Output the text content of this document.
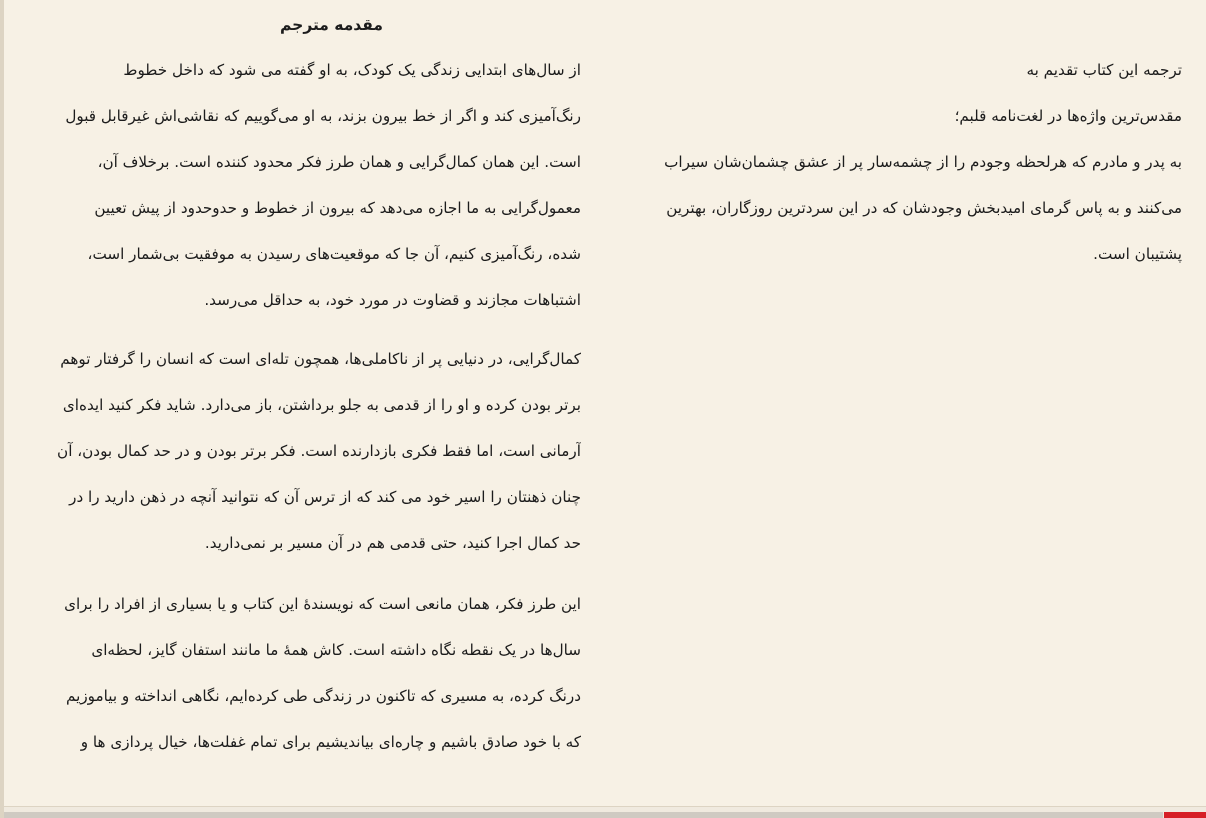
ترجمه این کتاب تقدیم به
مقدس‌ترین واژه‌ها در لغت‌نامه قلبم؛
به پدر و مادرم که هرلحظه وجودم را از چشمه‌سار پر از عشق چشمان‌شان سیراب
می‌کنند و به پاس گرمای امیدبخش وجودشان که در این سردترین روزگاران، بهترین
پشتیبان است.
مقدمه مترجم
از سال‌های ابتدایی زندگی یک کودک، به او گفته می شود که داخل خطوط
رنگ‌آمیزی کند و اگر از خط بیرون بزند، به او می‌گوییم که نقاشی‌اش غیرقابل قبول
است. این همان کمال‌گرایی و همان طرز فکر محدود کننده است. برخلاف آن،
معمول‌گرایی به ما اجازه می‌دهد که بیرون از خطوط و حدوحدود از پیش تعیین
شده، رنگ‌آمیزی کنیم، آن جا که موقعیت‌های رسیدن به موفقیت بی‌شمار است،
اشتباهات مجازند و قضاوت در مورد خود، به حداقل می‌رسد.
کمال‌گرایی، در دنیایی پر از ناکاملی‌ها، همچون تله‌ای است که انسان را گرفتار توهم
برتر بودن کرده و او را از قدمی به جلو برداشتن، باز می‌دارد. شاید فکر کنید ایده‌ای
آرمانی است، اما فقط فکری بازدارنده است. فکر برتر بودن و در حد کمال بودن، آن
چنان ذهنتان را اسیر خود می کند که از ترس آن که نتوانید آنچه در ذهن دارید را در
حد کمال اجرا کنید، حتی قدمی هم در آن مسیر بر نمی‌دارید.
این طرز فکر، همان مانعی است که نویسندهٔ این کتاب و یا بسیاری از افراد را برای
سال‌ها در یک نقطه نگاه داشته است. کاش همهٔ ما مانند استفان گایز، لحظه‌ای
درنگ کرده، به مسیری که تاکنون در زندگی طی کرده‌ایم، نگاهی انداخته و بیاموزیم
که با خود صادق باشیم و چاره‌ای بیاندیشیم برای تمام غفلت‌ها، خیال پردازی ها و
